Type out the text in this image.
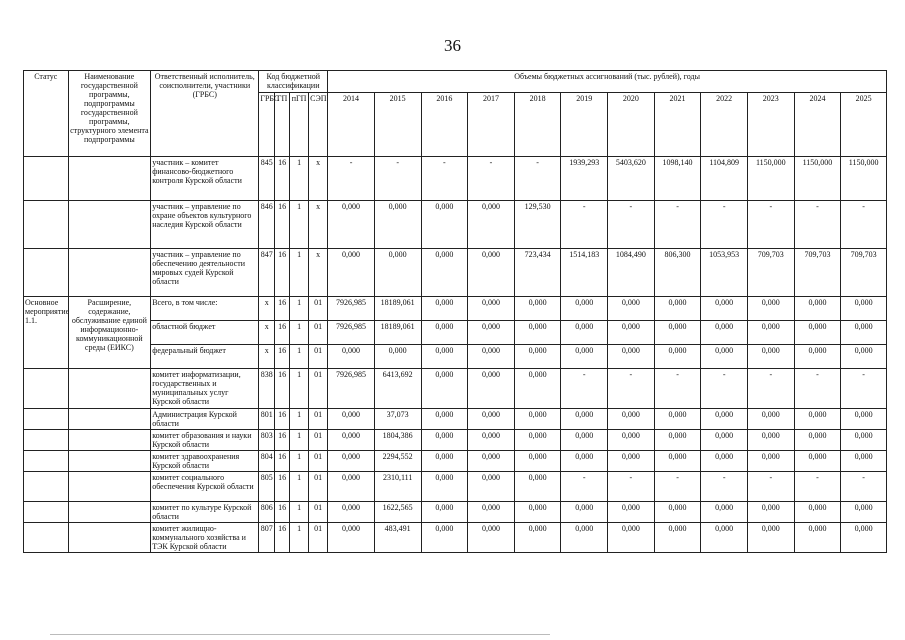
36
Статус	Наименование государственной программы, подпрограммы государственной программы, структурного элемента подпрограммы	Ответственный исполнитель, соисполнители, участники (ГРБС)	Код бюджетной классификации				Объемы бюджетных ассигнований (тыс. рублей), годы											
			ГРБС	ГП	пГП	СЭП	2014	2015	2016	2017	2018	2019	2020	2021	2022	2023	2024	2025
		участник – комитет финансово-бюджетного контроля Курской области	845	16	1	x	-	-	-	-	-	1939,293	5403,620	1098,140	1104,809	1150,000	1150,000	1150,000
		участник – управление по охране объектов культурного наследия Курской области	846	16	1	x	0,000	0,000	0,000	0,000	129,530	-	-	-	-	-	-	-
		участник – управление по обеспечению деятельности мировых судей Курской области	847	16	1	x	0,000	0,000	0,000	0,000	723,434	1514,183	1084,490	806,300	1053,953	709,703	709,703	709,703
Основное мероприятие 1.1.	Расширение, содержание, обслуживание единой информационно-коммуникационной среды (ЕИКС)	Всего, в том числе:	x	16	1	01	7926,985	18189,061	0,000	0,000	0,000	0,000	0,000	0,000	0,000	0,000	0,000	0,000
		областной бюджет	x	16	1	01	7926,985	18189,061	0,000	0,000	0,000	0,000	0,000	0,000	0,000	0,000	0,000	0,000
		федеральный бюджет	x	16	1	01	0,000	0,000	0,000	0,000	0,000	0,000	0,000	0,000	0,000	0,000	0,000	0,000
		комитет информатизации, государственных и муниципальных услуг Курской области	838	16	1	01	7926,985	6413,692	0,000	0,000	0,000	-	-	-	-	-	-	-
		Администрация Курской области	801	16	1	01	0,000	37,073	0,000	0,000	0,000	0,000	0,000	0,000	0,000	0,000	0,000	0,000
		комитет образования и науки Курской области	803	16	1	01	0,000	1804,386	0,000	0,000	0,000	0,000	0,000	0,000	0,000	0,000	0,000	0,000
		комитет здравоохранения Курской области	804	16	1	01	0,000	2294,552	0,000	0,000	0,000	0,000	0,000	0,000	0,000	0,000	0,000	0,000
		комитет социального обеспечения Курской области	805	16	1	01	0,000	2310,111	0,000	0,000	0,000	-	-	-	-	-	-	-
		комитет по культуре Курской области	806	16	1	01	0,000	1622,565	0,000	0,000	0,000	0,000	0,000	0,000	0,000	0,000	0,000	0,000
		комитет жилищно-коммунального хозяйства и ТЭК Курской области	807	16	1	01	0,000	483,491	0,000	0,000	0,000	0,000	0,000	0,000	0,000	0,000	0,000	0,000
